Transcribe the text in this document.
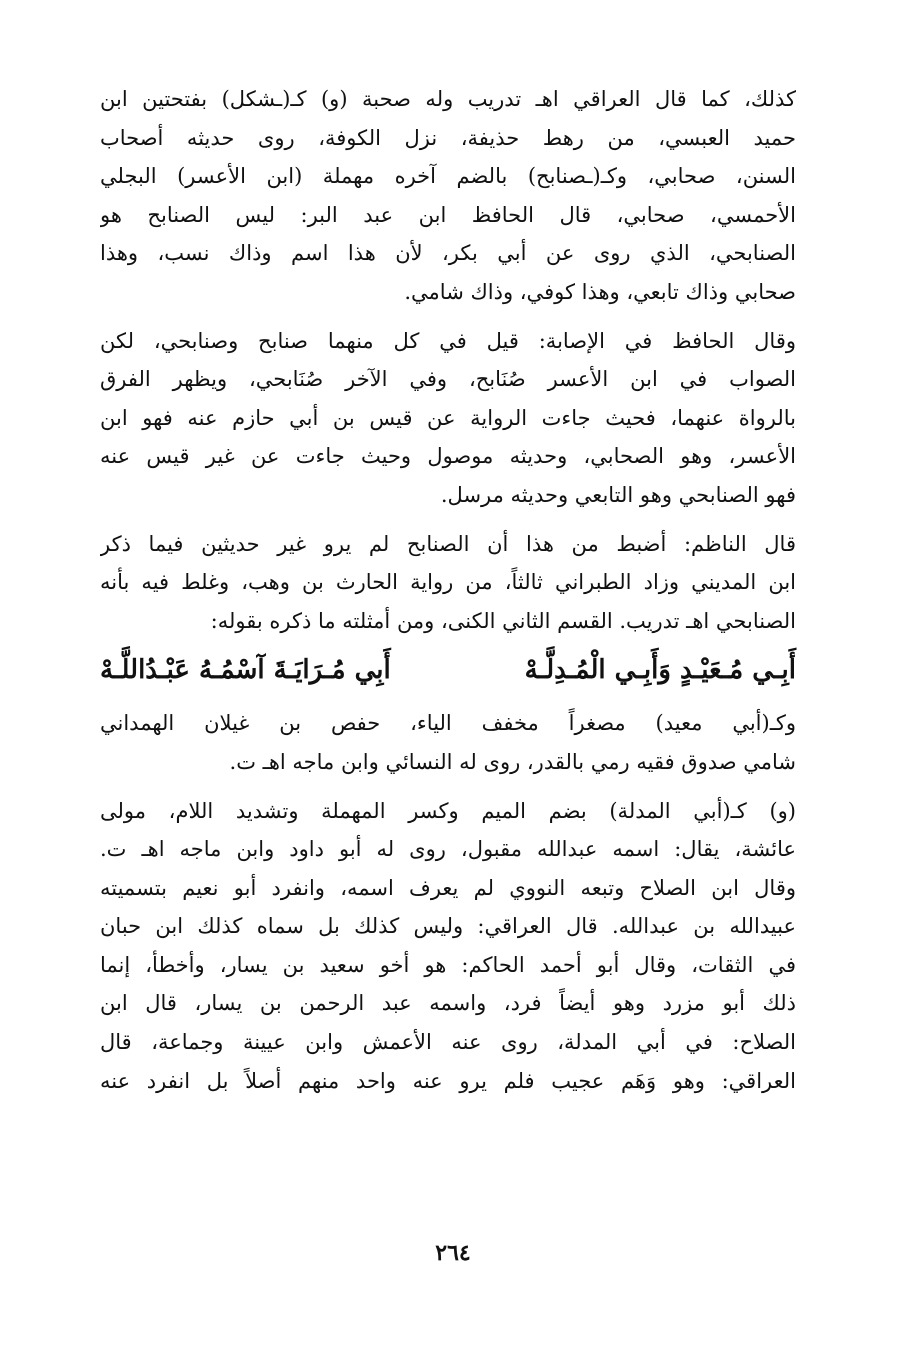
كذلك، كما قال العراقي اهـ تدريب وله صحبة (و) كـ(ـشكل) بفتحتين ابن
حميد العبسي، من رهط حذيفة، نزل الكوفة، روى حديثه أصحاب
السنن، صحابي، وكـ(ـصنابح) بالضم آخره مهملة (ابن الأعسر) البجلي
الأحمسي، صحابي، قال الحافظ ابن عبد البر: ليس الصنابح هو
الصنابحي، الذي روى عن أبي بكر، لأن هذا اسم وذاك نسب، وهذا
صحابي وذاك تابعي، وهذا كوفي، وذاك شامي.
وقال الحافظ في الإصابة: قيل في كل منهما صنابح وصنابحي، لكن
الصواب في ابن الأعسر صُنَابح، وفي الآخر صُنَابحي، ويظهر الفرق
بالرواة عنهما، فحيث جاءت الرواية عن قيس بن أبي حازم عنه فهو ابن
الأعسر، وهو الصحابي، وحديثه موصول وحيث جاءت عن غير قيس عنه
فهو الصنابحي وهو التابعي وحديثه مرسل.
قال الناظم: أضبط من هذا أن الصنابح لم يرو غير حديثين فيما ذكر
ابن المديني وزاد الطبراني ثالثاً، من رواية الحارث بن وهب، وغلط فيه بأنه
الصنابحي اهـ تدريب. القسم الثاني الكنى، ومن أمثلته ما ذكره بقوله:
أَبِـي مُـعَيْـدٍ وَأَبِـي الْمُـدِلَّـهْ
أَبِي مُـرَايَـةَ آسْمُـهُ عَبْـدُاللَّـهْ
وكـ(أبي معيد) مصغراً مخفف الياء، حفص بن غيلان الهمداني
شامي صدوق فقيه رمي بالقدر، روى له النسائي وابن ماجه اهـ ت.
(و) كـ(أبي المدلة) بضم الميم وكسر المهملة وتشديد اللام، مولى
عائشة، يقال: اسمه عبدالله مقبول، روى له أبو داود وابن ماجه اهـ ت.
وقال ابن الصلاح وتبعه النووي لم يعرف اسمه، وانفرد أبو نعيم بتسميته
عبيدالله بن عبدالله. قال العراقي: وليس كذلك بل سماه كذلك ابن حبان
في الثقات، وقال أبو أحمد الحاكم: هو أخو سعيد بن يسار، وأخطأ، إنما
ذلك أبو مزرد وهو أيضاً فرد، واسمه عبد الرحمن بن يسار، قال ابن
الصلاح: في أبي المدلة، روى عنه الأعمش وابن عيينة وجماعة، قال
العراقي: وهو وَهَم عجيب فلم يرو عنه واحد منهم أصلاً بل انفرد عنه
٢٦٤
